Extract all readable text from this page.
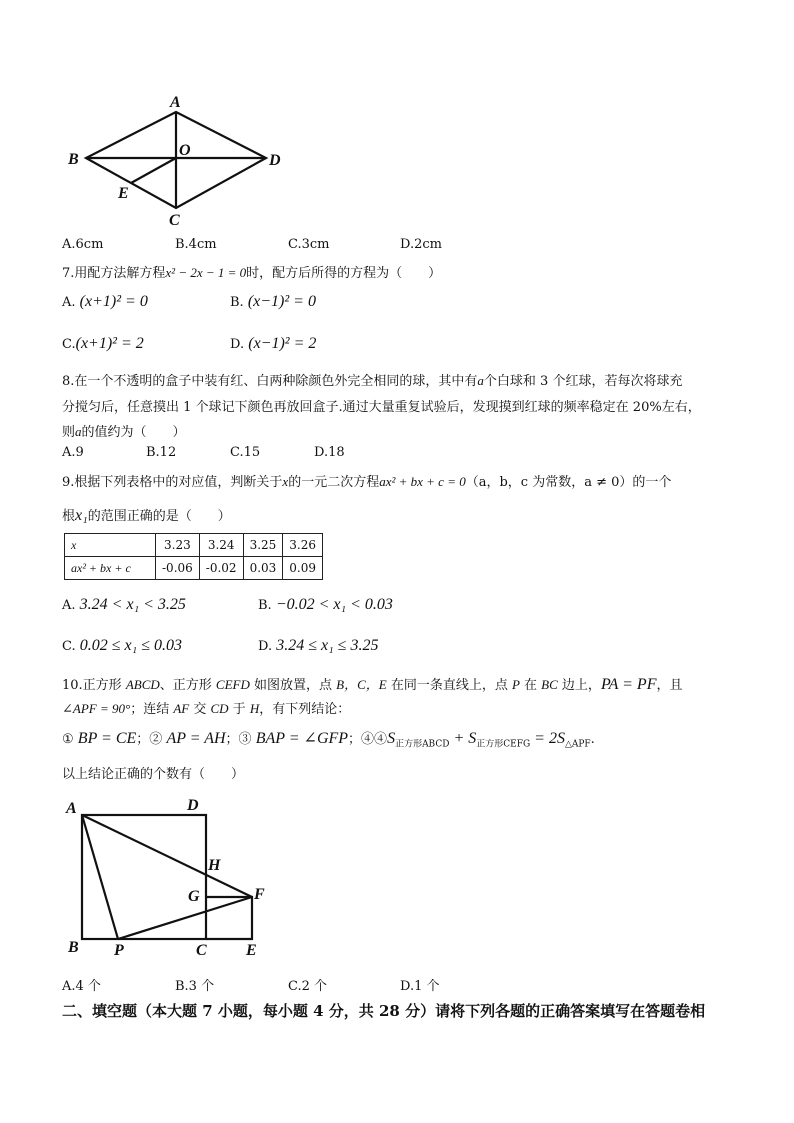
A
B
O
D
E
C
A.6cm	B.4cm	C.3cm	D.2cm
7.用配方法解方程x² − 2x − 1 = 0时，配方后所得的方程为（　　）
A. (x+1)² = 0	B. (x−1)² = 0
C.(x+1)² = 2	D. (x−1)² = 2
8.在一个不透明的盒子中装有红、白两种除颜色外完全相同的球，其中有a个白球和 3 个红球，若每次将球充
分搅匀后，任意摸出 1 个球记下颜色再放回盒子.通过大量重复试验后，发现摸到红球的频率稳定在 20%左右，
则a的值约为（　　）
A.9	B.12	C.15	D.18
9.根据下列表格中的对应值，判断关于x的一元二次方程ax² + bx + c = 0（a，b，c 为常数，a ≠ 0）的一个
根x₁的范围正确的是（　　）
x	3.23	3.24	3.25	3.26
ax² + bx + c	-0.06	-0.02	0.03	0.09
A. 3.24 < x₁ < 3.25	B. −0.02 < x₁ < 0.03
C. 0.02 ≤ x₁ ≤ 0.03	D. 3.24 ≤ x₁ ≤ 3.25
10.正方形 ABCD、正方形 CEFD 如图放置，点 B，C，E 在同一条直线上，点 P 在 BC 边上，PA = PF，且
∠APF = 90°；连结 AF 交 CD 于 H，有下列结论：
① BP = CE；② AP = AH；③ BAP = ∠GFP；$④④S_{正方形ABCD} + S_{正方形CEFG} = 2S_{\triangle APF}$.
以上结论正确的个数有（　　）
A	D
H
G	F
B P	C E
A.4 个	B.3 个	C.2 个	D.1 个
二、填空题（本大题 7 小题，每小题 4 分，共 28 分）请将下列各题的正确答案填写在答题卷相
